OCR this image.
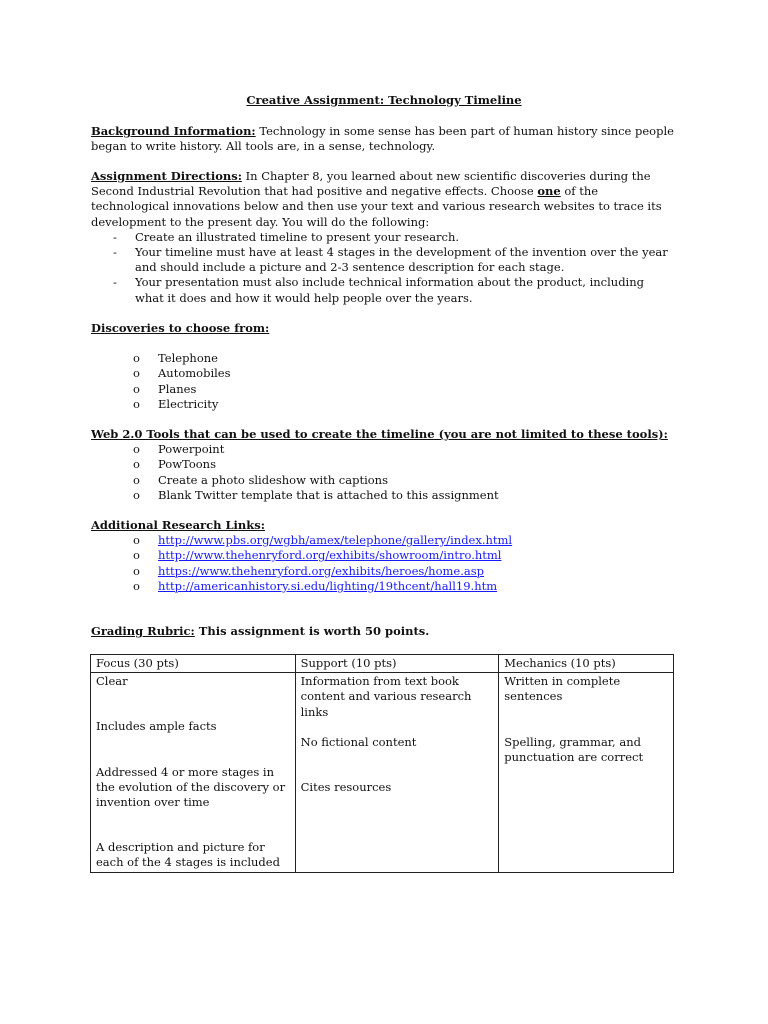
Creative Assignment: Technology Timeline
Background Information: Technology in some sense has been part of human history since people began to write history. All tools are, in a sense, technology.
Assignment Directions: In Chapter 8, you learned about new scientific discoveries during the Second Industrial Revolution that had positive and negative effects. Choose one of the technological innovations below and then use your text and various research websites to trace its development to the present day. You will do the following:
- Create an illustrated timeline to present your research.
- Your timeline must have at least 4 stages in the development of the invention over the year and should include a picture and 2-3 sentence description for each stage.
- Your presentation must also include technical information about the product, including what it does and how it would help people over the years.
Discoveries to choose from:
o Telephone
o Automobiles
o Planes
o Electricity
Web 2.0 Tools that can be used to create the timeline (you are not limited to these tools):
o Powerpoint
o PowToons
o Create a photo slideshow with captions
o Blank Twitter template that is attached to this assignment
Additional Research Links:
o http://www.pbs.org/wgbh/amex/telephone/gallery/index.html
o http://www.thehenryford.org/exhibits/showroom/intro.html
o https://www.thehenryford.org/exhibits/heroes/home.asp
o http://americanhistory.si.edu/lighting/19thcent/hall19.htm
Grading Rubric: This assignment is worth 50 points.
Focus (30 pts)	Support (10 pts)	Mechanics (10 pts)

Clear
Includes ample facts
Addressed 4 or more stages in the evolution of the discovery or invention over time
A description and picture for each of the 4 stages is included	Information from text book content and various research links
No fictional content
Cites resources	Written in complete sentences
Spelling, grammar, and punctuation are correct
